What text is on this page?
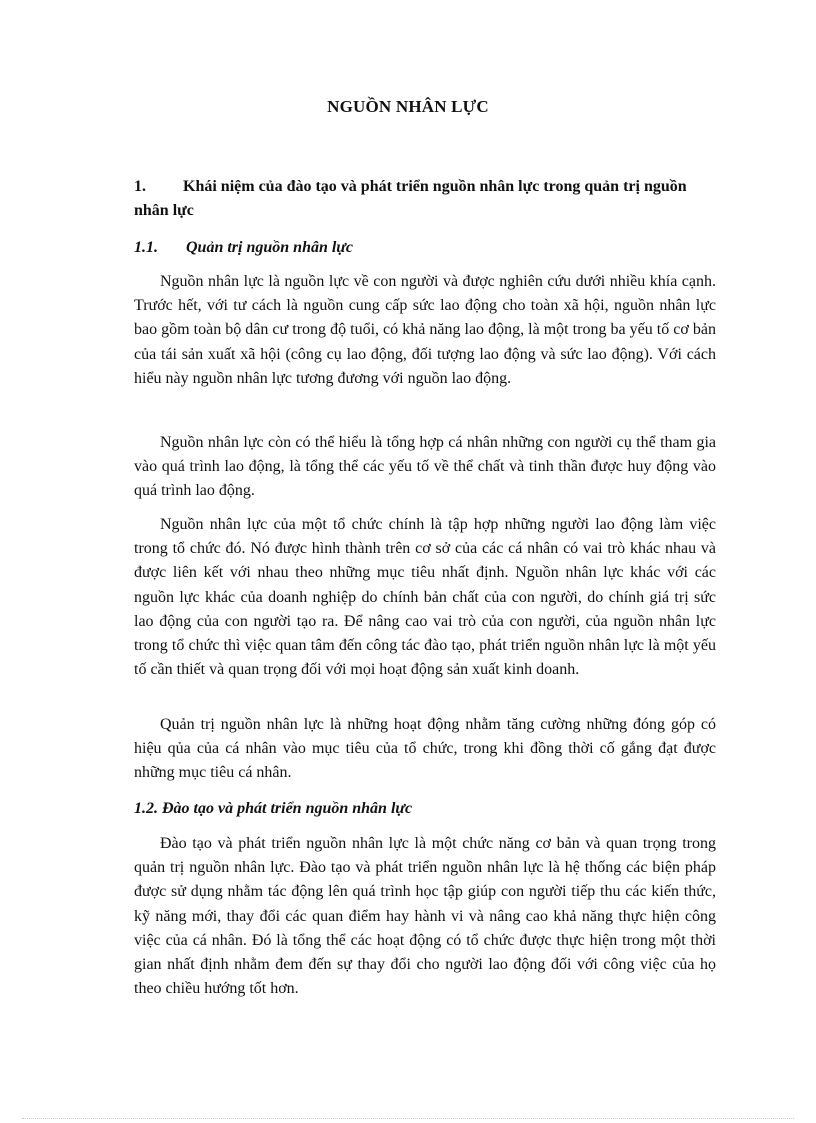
NGUỒN NHÂN LỰC
1. Khái niệm của đào tạo và phát triển nguồn nhân lực trong quản trị nguồn nhân lực
1.1. Quản trị nguồn nhân lực

Nguồn nhân lực là nguồn lực về con người và được nghiên cứu dưới nhiều khía cạnh. Trước hết, với tư cách là nguồn cung cấp sức lao động cho toàn xã hội, nguồn nhân lực bao gồm toàn bộ dân cư trong độ tuổi, có khả năng lao động, là một trong ba yếu tố cơ bản của tái sản xuất xã hội (công cụ lao động, đối tượng lao động và sức lao động). Với cách hiểu này nguồn nhân lực tương đương với nguồn lao động.

Nguồn nhân lực còn có thể hiểu là tổng hợp cá nhân những con người cụ thể tham gia vào quá trình lao động, là tổng thể các yếu tố về thể chất và tinh thần được huy động vào quá trình lao động.

Nguồn nhân lực của một tổ chức chính là tập hợp những người lao động làm việc trong tổ chức đó. Nó được hình thành trên cơ sở của các cá nhân có vai trò khác nhau và được liên kết với nhau theo những mục tiêu nhất định. Nguồn nhân lực khác với các nguồn lực khác của doanh nghiệp do chính bản chất của con người, do chính giá trị sức lao động của con người tạo ra. Để nâng cao vai trò của con người, của nguồn nhân lực trong tổ chức thì việc quan tâm đến công tác đào tạo, phát triển nguồn nhân lực là một yếu tố cần thiết và quan trọng đối với mọi hoạt động sản xuất kinh doanh.

Quản trị nguồn nhân lực là những hoạt động nhằm tăng cường những đóng góp có hiệu qủa của cá nhân vào mục tiêu của tổ chức, trong khi đồng thời cố gắng đạt được những mục tiêu cá nhân.

1.2. Đào tạo và phát triển nguồn nhân lực

Đào tạo và phát triển nguồn nhân lực là một chức năng cơ bản và quan trọng trong quản trị nguồn nhân lực. Đào tạo và phát triển nguồn nhân lực là hệ thống các biện pháp được sử dụng nhằm tác động lên quá trình học tập giúp con người tiếp thu các kiến thức, kỹ năng mới, thay đổi các quan điểm hay hành vi và nâng cao khả năng thực hiện công việc của cá nhân. Đó là tổng thể các hoạt động có tổ chức được thực hiện trong một thời gian nhất định nhằm đem đến sự thay đổi cho người lao động đối với công việc của họ theo chiều hướng tốt hơn.
